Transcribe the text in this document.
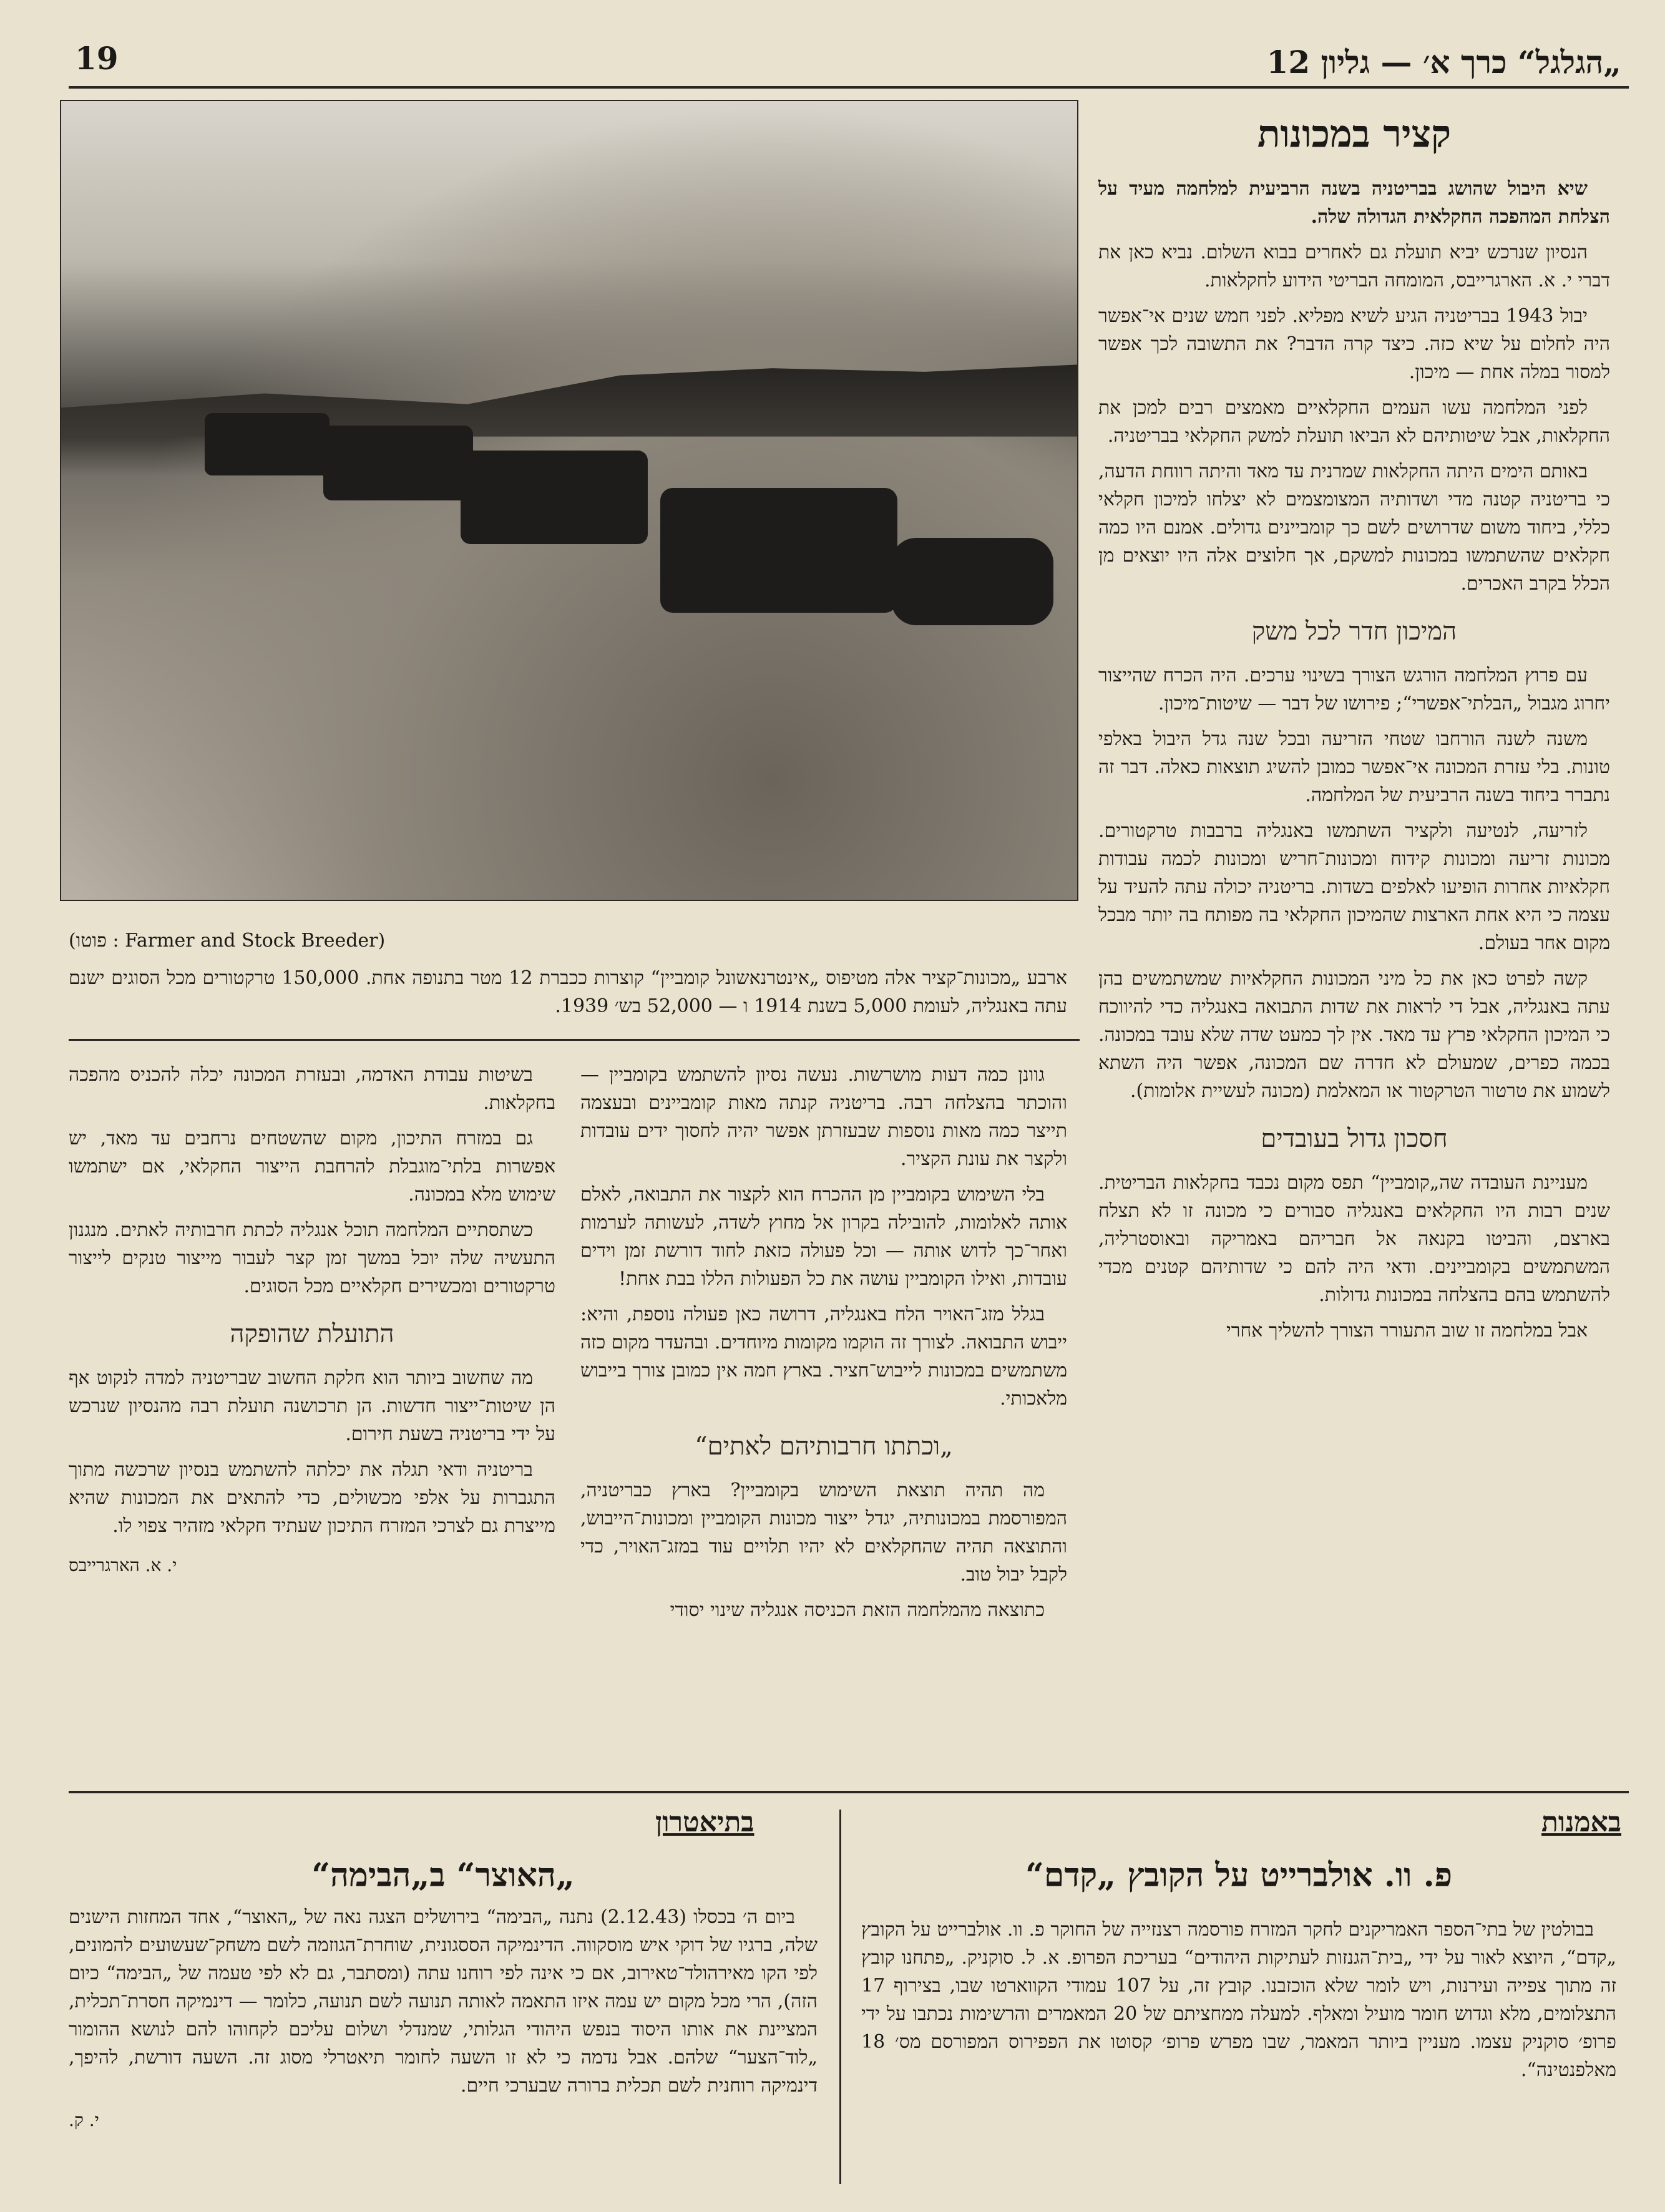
19	„הגלגל“ כרך א׳ — גליון 12
(פוטו : Farmer and Stock Breeder)
ארבע „מכונות־קציר אלה מטיפוס „אינטרנאשונל קומביין“ קוצרות ככברת 12 מטר בתנופה אחת. 150,000 טרקטורים מכל הסוגים ישנם עתה באנגליה, לעומת 5,000 בשנת 1914 ו — 52,000 בש׳ 1939.
קציר במכונות

שיא היבול שהושג בבריטניה בשנה הרביעית למלחמה מעיד על הצלחת המהפכה החקלאית הגדולה שלה.

הנסיון שנרכש יביא תועלת גם לאחרים בבוא השלום. נביא כאן את דברי י. א. הארגרייבס, המומחה הבריטי הידוע לחקלאות.

יבול 1943 בבריטניה הגיע לשיא מפליא. לפני חמש שנים אי־אפשר היה לחלום על שיא כזה. כיצד קרה הדבר? את התשובה לכך אפשר למסור במלה אחת — מיכון.

לפני המלחמה עשו העמים החקלאיים מאמצים רבים למכן את החקלאות, אבל שיטותיהם לא הביאו תועלת למשק החקלאי בבריטניה.

באותם הימים היתה החקלאות שמרנית עד מאד והיתה רווחת הדעה, כי בריטניה קטנה מדי ושדותיה המצומצמים לא יצלחו למיכון חקלאי כללי, ביחוד משום שדרושים לשם כך קומביינים גדולים. אמנם היו כמה חקלאים שהשתמשו במכונות למשקם, אך חלוצים אלה היו יוצאים מן הכלל בקרב האכרים.

המיכון חדר לכל משק

עם פרוץ המלחמה הורגש הצורך בשינוי ערכים. היה הכרח שהייצור יחרוג מגבול „הבלתי־אפשרי“; פירושו של דבר — שיטות־מיכון.

משנה לשנה הורחבו שטחי הזריעה ובכל שנה גדל היבול באלפי טונות. בלי עזרת המכונה אי־אפשר כמובן להשיג תוצאות כאלה. דבר זה נתברר ביחוד בשנה הרביעית של המלחמה.

לזריעה, לנטיעה ולקציר השתמשו באנגליה ברבבות טרקטורים. מכונות זריעה ומכונות קידוח ומכונות־חריש ומכונות לכמה עבודות חקלאיות אחרות הופיעו לאלפים בשדות. בריטניה יכולה עתה להעיד על עצמה כי היא אחת הארצות שהמיכון החקלאי בה מפותח בה יותר מבכל מקום אחר בעולם.

קשה לפרט כאן את כל מיני המכונות החקלאיות שמשתמשים בהן עתה באנגליה, אבל די לראות את שדות התבואה באנגליה כדי להיווכח כי המיכון החקלאי פרץ עד מאד. אין לך כמעט שדה שלא עובד במכונה. בכמה כפרים, שמעולם לא חדרה שם המכונה, אפשר היה השתא לשמוע את טרטור הטרקטור או המאלמת (מכונה לעשיית אלומות).

חסכון גדול בעובדים

מעניינת העובדה שה„קומביין“ תפס מקום נכבד בחקלאות הבריטית. שנים רבות היו החקלאים באנגליה סבורים כי מכונה זו לא תצלח בארצם, והביטו בקנאה אל חבריהם באמריקה ובאוסטרליה, המשתמשים בקומביינים. ודאי היה להם כי שדותיהם קטנים מכדי להשתמש בהם בהצלחה במכונות גדולות.

אבל במלחמה זו שוב התעורר הצורך להשליך אחרי

גוונן כמה דעות מושרשות. נעשה נסיון להשתמש בקומביין — והוכתר בהצלחה רבה. בריטניה קנתה מאות קומביינים ובעצמה תייצר כמה מאות נוספות שבעזרתן אפשר יהיה לחסוך ידים עובדות ולקצר את עונת הקציר.

בלי השימוש בקומביין מן ההכרח הוא לקצור את התבואה, לאלם אותה לאלומות, להובילה בקרון אל מחוץ לשדה, לעשותה לערמות ואחר־כך לדוש אותה — וכל פעולה כזאת לחוד דורשת זמן וידים עובדות, ואילו הקומביין עושה את כל הפעולות הללו בבת אחת!

בגלל מזג־האויר הלח באנגליה, דרושה כאן פעולה נוספת, והיא: ייבוש התבואה. לצורך זה הוקמו מקומות מיוחדים. ובהעדר מקום כזה משתמשים במכונות לייבוש־חציר. בארץ חמה אין כמובן צורך בייבוש מלאכותי.

„וכתתו חרבותיהם לאתים“

מה תהיה תוצאת השימוש בקומביין? בארץ כבריטניה, המפורסמת במכונותיה, יגדל ייצור מכונות הקומביין ומכונות־הייבוש, והתוצאה תהיה שהחקלאים לא יהיו תלויים עוד במזג־האויר, כדי לקבל יבול טוב.

כתוצאה מהמלחמה הזאת הכניסה אנגליה שינוי יסודי

בשיטות עבודת האדמה, ובעזרת המכונה יכלה להכניס מהפכה בחקלאות.

גם במזרח התיכון, מקום שהשטחים נרחבים עד מאד, יש אפשרות בלתי־מוגבלת להרחבת הייצור החקלאי, אם ישתמשו שימוש מלא במכונה.

כשתסתיים המלחמה תוכל אנגליה לכתת חרבותיה לאתים. מנגנון התעשיה שלה יוכל במשך זמן קצר לעבור מייצור טנקים לייצור טרקטורים ומכשירים חקלאיים מכל הסוגים.

התועלת שהופקה

מה שחשוב ביותר הוא חלקת החשוב שבריטניה למדה לנקוט אף הן שיטות־ייצור חדשות. הן תרכושנה תועלת רבה מהנסיון שנרכש על ידי בריטניה בשעת חירום.

בריטניה ודאי תגלה את יכלתה להשתמש בנסיון שרכשה מתוך התגברות על אלפי מכשולים, כדי להתאים את המכונות שהיא מייצרת גם לצרכי המזרח התיכון שעתיד חקלאי מזהיר צפוי לו.

י. א. הארגרייבס
באמנות
פ. וו. אולברייט על הקובץ „קדם“

בבולטין של בתי־הספר האמריקנים לחקר המזרח פורסמה רצנזייה של החוקר פ. וו. אולברייט על הקובץ „קדם“, היוצא לאור על ידי „בית־הגנזות לעתיקות היהודים“ בעריכת הפרופ. א. ל. סוקניק. „פתחנו קובץ זה מתוך צפייה ועירנות, ויש לומר שלא הוכזבנו. קובץ זה, על 107 עמודי הקווארטו שבו, בצירוף 17 התצלומים, מלא וגדוש חומר מועיל ומאלף. למעלה ממחציתם של 20 המאמרים והרשימות נכתבו על ידי פרופ׳ סוקניק עצמו. מעניין ביותר המאמר, שבו מפרש פרופ׳ קסוטו את הפפירוס המפורסם מס׳ 18 מאלפנטינה“.

בתיאטרון
„האוצר“ ב„הבימה“

ביום ה׳ בכסלו (2.12.43) נתנה „הבימה“ בירושלים הצגה נאה של „האוצר“, אחד המחזות הישנים שלה, ברגיו של דוקי איש מוסקווה. הדינמיקה הססגונית, שוחרת־הגוזמה לשם משחק־שעשועים להמונים, לפי הקו מאירהולד־טאירוב, אם כי אינה לפי רוחנו עתה (ומסתבר, גם לא לפי טעמה של „הבימה“ כיום הזה), הרי מכל מקום יש עמה איזו התאמה לאותה תנועה לשם תנועה, כלומר — דינמיקה חסרת־תכלית, המציינת את אותו היסוד בנפש היהודי הגלותי, שמנדלי ושלום עליכם לקחוהו להם לנושא ההומור „לוד־הצער“ שלהם. אבל נדמה כי לא זו השעה לחומר תיאטרלי מסוג זה. השעה דורשת, להיפך, דינמיקה רוחנית לשם תכלית ברורה שבערכי חיים.

י. ק.
